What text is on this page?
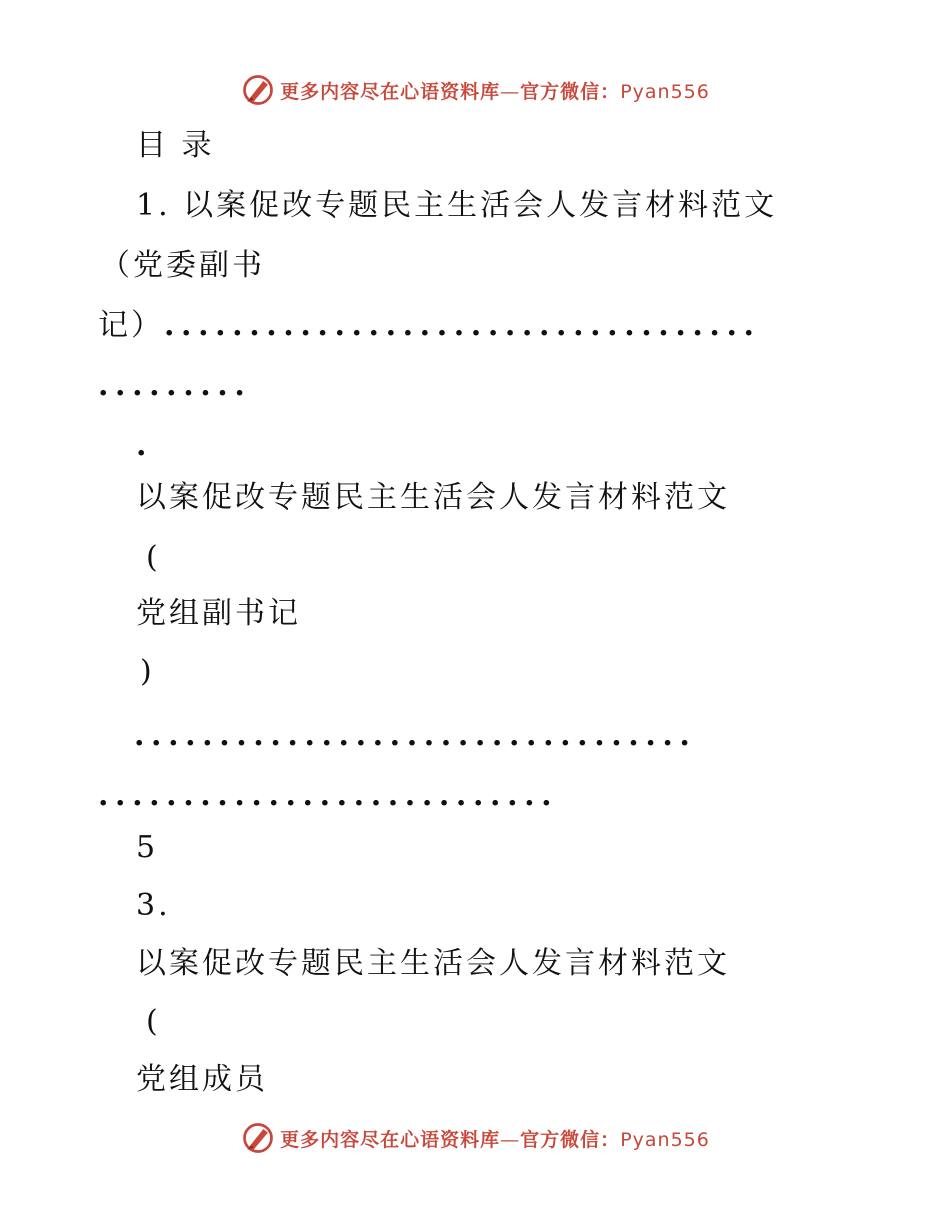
更多内容尽在心语资料库—官方微信：Pyan556
目 录
1. 以案促改专题民主生活会人发言材料范文
（党委副书
记）...................................
.........
.
以案促改专题民主生活会人发言材料范文
(
党组副书记
)
.................................
...........................
5
3.
以案促改专题民主生活会人发言材料范文
(
党组成员
更多内容尽在心语资料库—官方微信：Pyan556
